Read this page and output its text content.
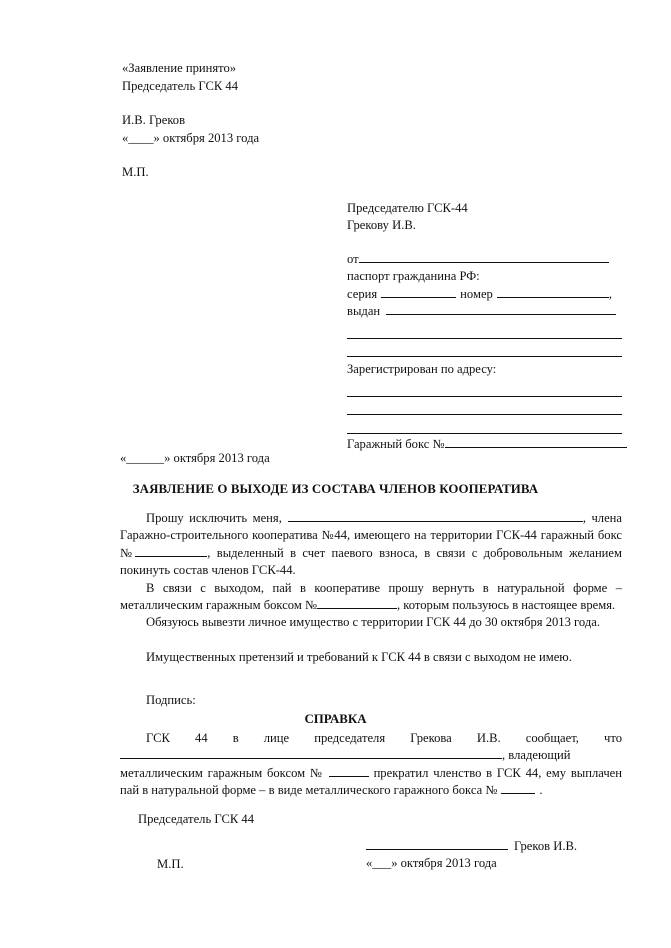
«Заявление принято»
Председатель ГСК 44
И.В. Греков
«____» октября 2013 года
М.П.
Председателю ГСК-44
Грекову И.В.
от
паспорт гражданина РФ:
серия	номер	,
выдан
Зарегистрирован по адресу:
Гаражный бокс №
«______» октября 2013 года
ЗАЯВЛЕНИЕ О ВЫХОДЕ ИЗ СОСТАВА ЧЛЕНОВ КООПЕРАТИВА

Прошу исключить меня,	, члена Гаражно-строительного кооператива №44, имеющего на территории ГСК-44 гаражный бокс №	, выделенный в счет паевого взноса, в связи с добровольным желанием покинуть состав членов ГСК-44.

В связи с выходом, пай в кооперативе прошу вернуть в натуральной форме – металлическим гаражным боксом №	, которым пользуюсь в настоящее время.

Обязуюсь вывезти личное имущество с территории ГСК 44 до 30 октября 2013 года.

Имущественных претензий и требований к ГСК 44 в связи с выходом не имею.

Подпись:
СПРАВКА

ГСК 44 в лице председателя Грекова И.В. сообщает, что

, владеющий

металлическим гаражным боксом №	прекратил членство в ГСК 44, ему выплачен пай в натуральной форме – в виде металлического гаражного бокса №	.

Председатель ГСК 44
М.П.
Греков И.В.
«___» октября 2013 года
